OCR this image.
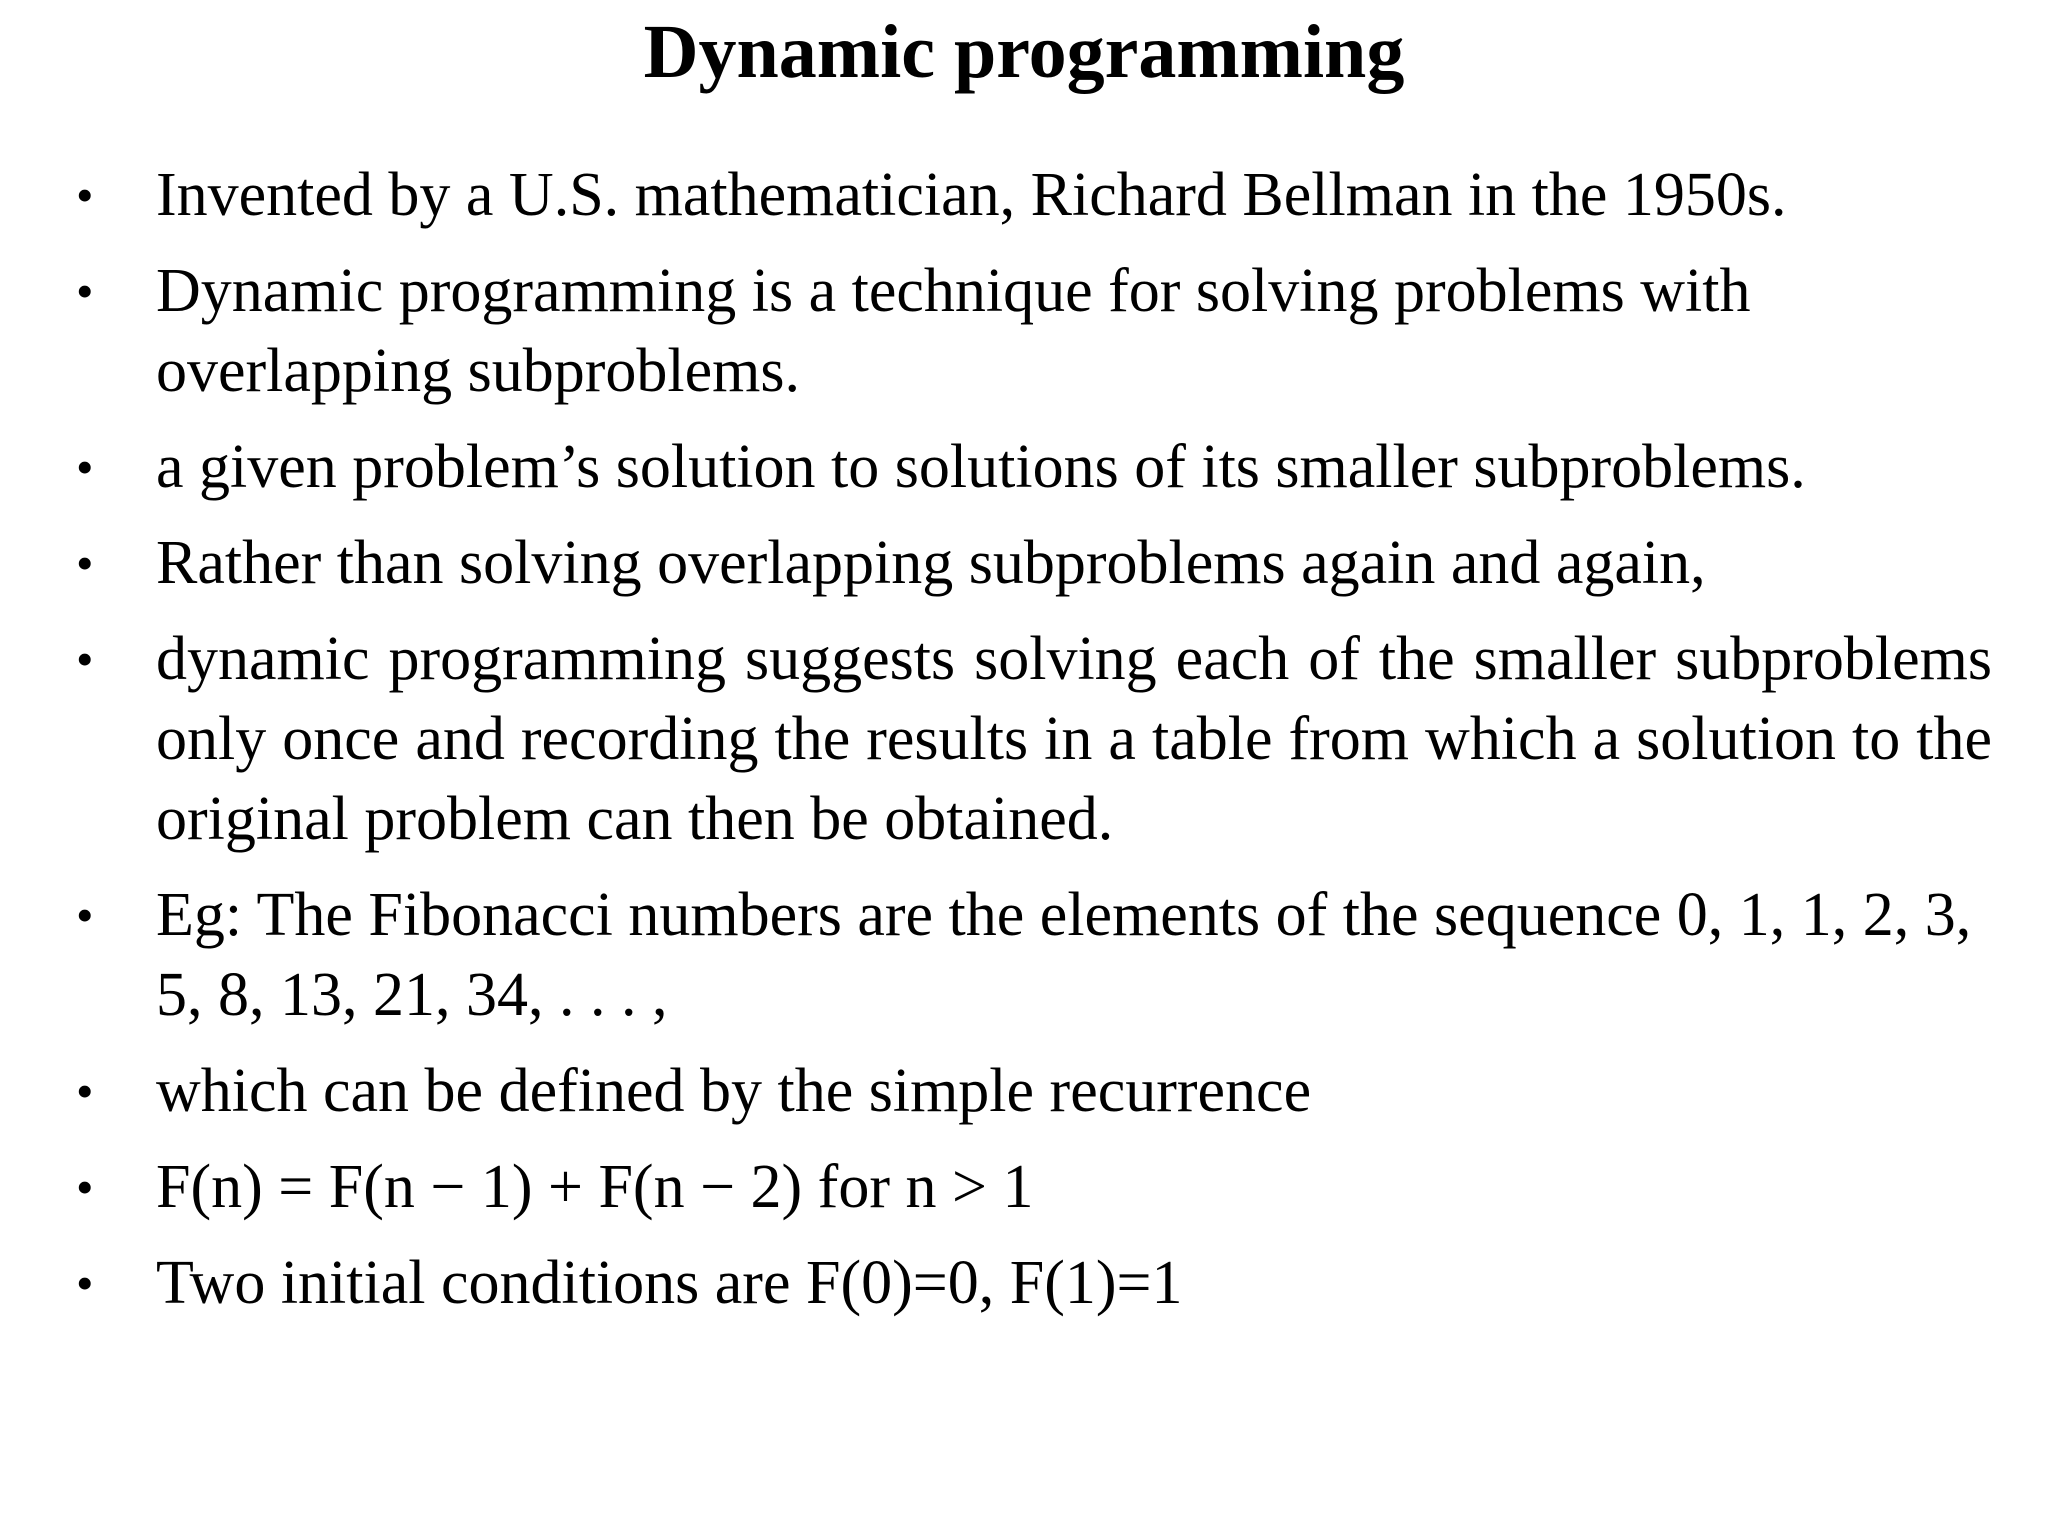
Dynamic programming
• Invented by a U.S. mathematician, Richard Bellman in the 1950s.
• Dynamic programming is a technique for solving problems with overlapping subproblems.
• a given problem’s solution to solutions of its smaller subproblems.
• Rather than solving overlapping subproblems again and again,
• dynamic programming suggests solving each of the smaller subproblems only once and recording the results in a table from which a solution to the original problem can then be obtained.
• Eg: The Fibonacci numbers are the elements of the sequence 0, 1, 1, 2, 3, 5, 8, 13, 21, 34, . . . ,
• which can be defined by the simple recurrence
• F(n) = F(n − 1) + F(n − 2) for n > 1
• Two initial conditions are F(0)=0, F(1)=1
